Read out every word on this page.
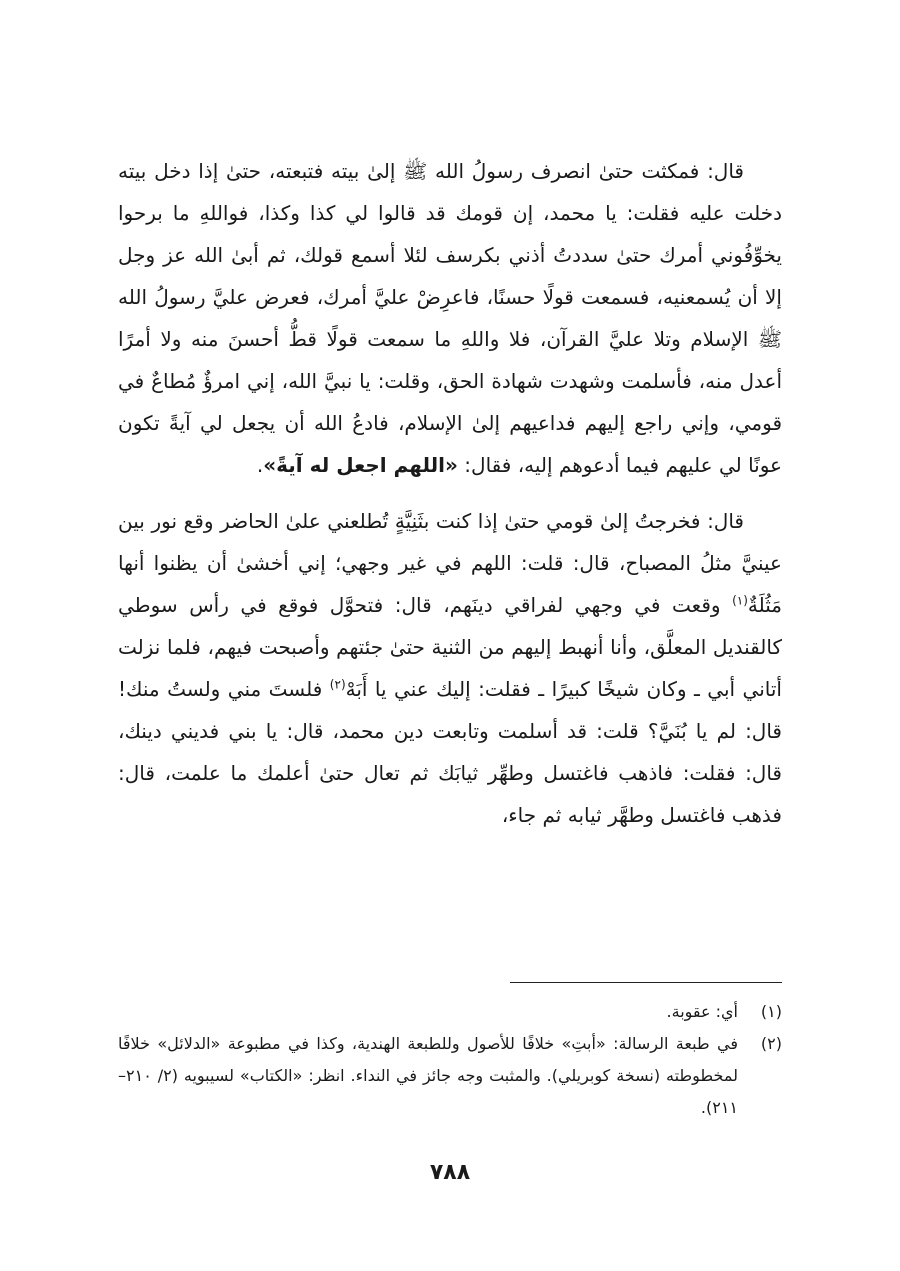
قال: فمكثت حتىٰ انصرف رسولُ الله ﷺ إلىٰ بيته فتبعته، حتىٰ إذا دخل بيته دخلت عليه فقلت: يا محمد، إن قومك قد قالوا لي كذا وكذا، فواللهِ ما برحوا يخوِّفُوني أمرك حتىٰ سددتُ أذني بكرسف لئلا أسمع قولك، ثم أبىٰ الله عز وجل إلا أن يُسمعنيه، فسمعت قولًا حسنًا، فاعرِضْ عليَّ أمرك، فعرض عليَّ رسولُ الله ﷺ الإسلام وتلا عليَّ القرآن، فلا واللهِ ما سمعت قولًا قطُّ أحسنَ منه ولا أمرًا أعدل منه، فأسلمت وشهدت شهادة الحق، وقلت: يا نبيَّ الله، إني امرؤٌ مُطاعٌ في قومي، وإني راجع إليهم فداعيهم إلىٰ الإسلام، فادعُ الله أن يجعل لي آيةً تكون عونًا لي عليهم فيما أدعوهم إليه، فقال: «اللهم اجعل له آيةً».

قال: فخرجتُ إلىٰ قومي حتىٰ إذا كنت بثَنِيَّةٍ تُطلعني علىٰ الحاضر وقع نور بين عينيَّ مثلُ المصباح، قال: قلت: اللهم في غير وجهي؛ إني أخشىٰ أن يظنوا أنها مَثُلَةٌ$^{(١)}$ وقعت في وجهي لفراقي دينَهم، قال: فتحوَّل فوقع في رأس سوطي كالقنديل المعلَّق، وأنا أنهبط إليهم من الثنية حتىٰ جئتهم وأصبحت فيهم، فلما نزلت أتاني أبي ـ وكان شيخًا كبيرًا ـ فقلت: إليك عني يا أَبَهْ$^{(٢)}$ فلستَ مني ولستُ منك! قال: لم يا بُنَيَّ؟ قلت: قد أسلمت وتابعت دين محمد، قال: يا بني فديني دينك، قال: فقلت: فاذهب فاغتسل وطهِّر ثيابَك ثم تعال حتىٰ أعلمك ما علمت، قال: فذهب فاغتسل وطهَّر ثيابه ثم جاء،

(١)
أي: عقوبة.
(٢)
في طبعة الرسالة: «أبتِ» خلافًا للأصول وللطبعة الهندية، وكذا في مطبوعة «الدلائل» خلافًا لمخطوطته (نسخة كوبريلي). والمثبت وجه جائز في النداء. انظر: «الكتاب» لسيبويه (٢/ ٢١٠– ٢١١).
٧٨٨
